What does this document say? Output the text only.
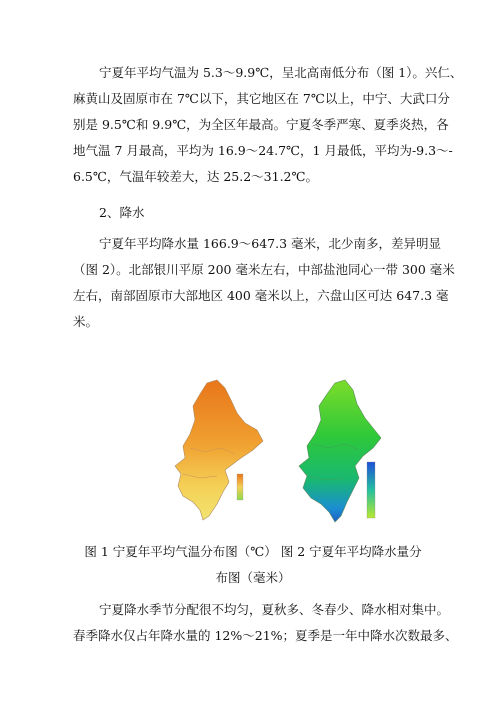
宁夏年平均气温为 5.3～9.9℃，呈北高南低分布（图 1）。兴仁、
麻黄山及固原市在 7℃以下，其它地区在 7℃以上，中宁、大武口分
别是 9.5℃和 9.9℃，为全区年最高。宁夏冬季严寒、夏季炎热，各
地气温 7 月最高，平均为 16.9～24.7℃，1 月最低，平均为-9.3～-
6.5℃，气温年较差大，达 25.2～31.2℃。

2、降水

宁夏年平均降水量 166.9～647.3 毫米，北少南多，差异明显
（图 2）。北部银川平原 200 毫米左右，中部盐池同心一带 300 毫米
左右，南部固原市大部地区 400 毫米以上，六盘山区可达 647.3 毫
米。

图 1 宁夏年平均气温分布图（℃） 图 2 宁夏年平均降水量分

布图（毫米）

宁夏降水季节分配很不均匀，夏秋多、冬春少、降水相对集中。
春季降水仅占年降水量的 12%～21%；夏季是一年中降水次数最多、
